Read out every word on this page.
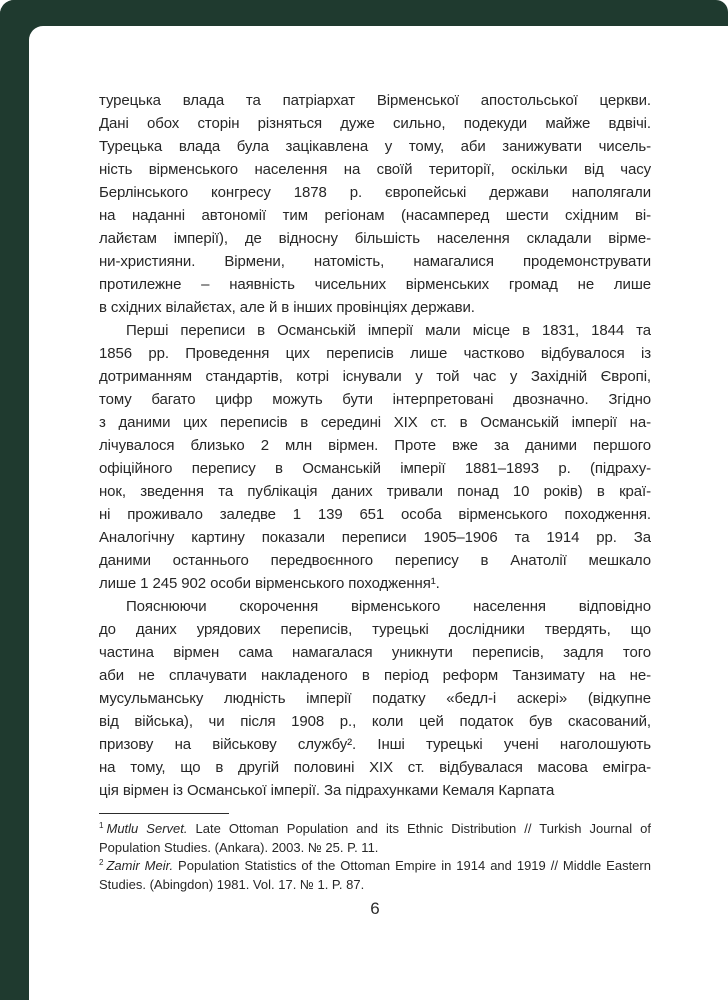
турецька влада та патріархат Вірменської апостольської церкви.
Дані обох сторін різняться дуже сильно, подекуди майже вдвічі.
Турецька влада була зацікавлена у тому, аби занижувати чисель-
ність вірменського населення на своїй території, оскільки від часу
Берлінського конгресу 1878 р. європейські держави наполягали
на наданні автономії тим регіонам (насамперед шести східним ві-
лайєтам імперії), де відносну більшість населення складали вірме-
ни-християни. Вірмени, натомість, намагалися продемонструвати
протилежне – наявність чисельних вірменських громад не лише
в східних вілайєтах, але й в інших провінціях держави.
Перші переписи в Османській імперії мали місце в 1831, 1844 та
1856 рр. Проведення цих переписів лише частково відбувалося із
дотриманням стандартів, котрі існували у той час у Західній Європі,
тому багато цифр можуть бути інтерпретовані двозначно. Згідно
з даними цих переписів в середині XIX ст. в Османській імперії на-
лічувалося близько 2 млн вірмен. Проте вже за даними першого
офіційного перепису в Османській імперії 1881–1893 р. (підраху-
нок, зведення та публікація даних тривали понад 10 років) в краї-
ні проживало заледве 1 139 651 особа вірменського походження.
Аналогічну картину показали переписи 1905–1906 та 1914 рр. За
даними останнього передвоєнного перепису в Анатолії мешкало
лише 1 245 902 особи вірменського походження¹.
Пояснюючи скорочення вірменського населення відповідно
до даних урядових переписів, турецькі дослідники твердять, що
частина вірмен сама намагалася уникнути переписів, задля того
аби не сплачувати накладеного в період реформ Танзимату на не-
мусульманську людність імперії податку «бедл-і аскері» (відкупне
від війська), чи після 1908 р., коли цей податок був скасований,
призову на військову службу². Інші турецькі учені наголошують
на тому, що в другій половині XIX ст. відбувалася масова емігра-
ція вірмен із Османської імперії. За підрахунками Кемаля Карпата

$^1$ Mutlu Servet. Late Ottoman Population and its Ethnic Distribution // Turkish Journal of Population Studies. (Ankara). 2003. № 25. P. 11.

$^2$ Zamir Meir. Population Statistics of the Ottoman Empire in 1914 and 1919 // Middle Eastern Studies. (Abingdon) 1981. Vol. 17. № 1. P. 87.

6
